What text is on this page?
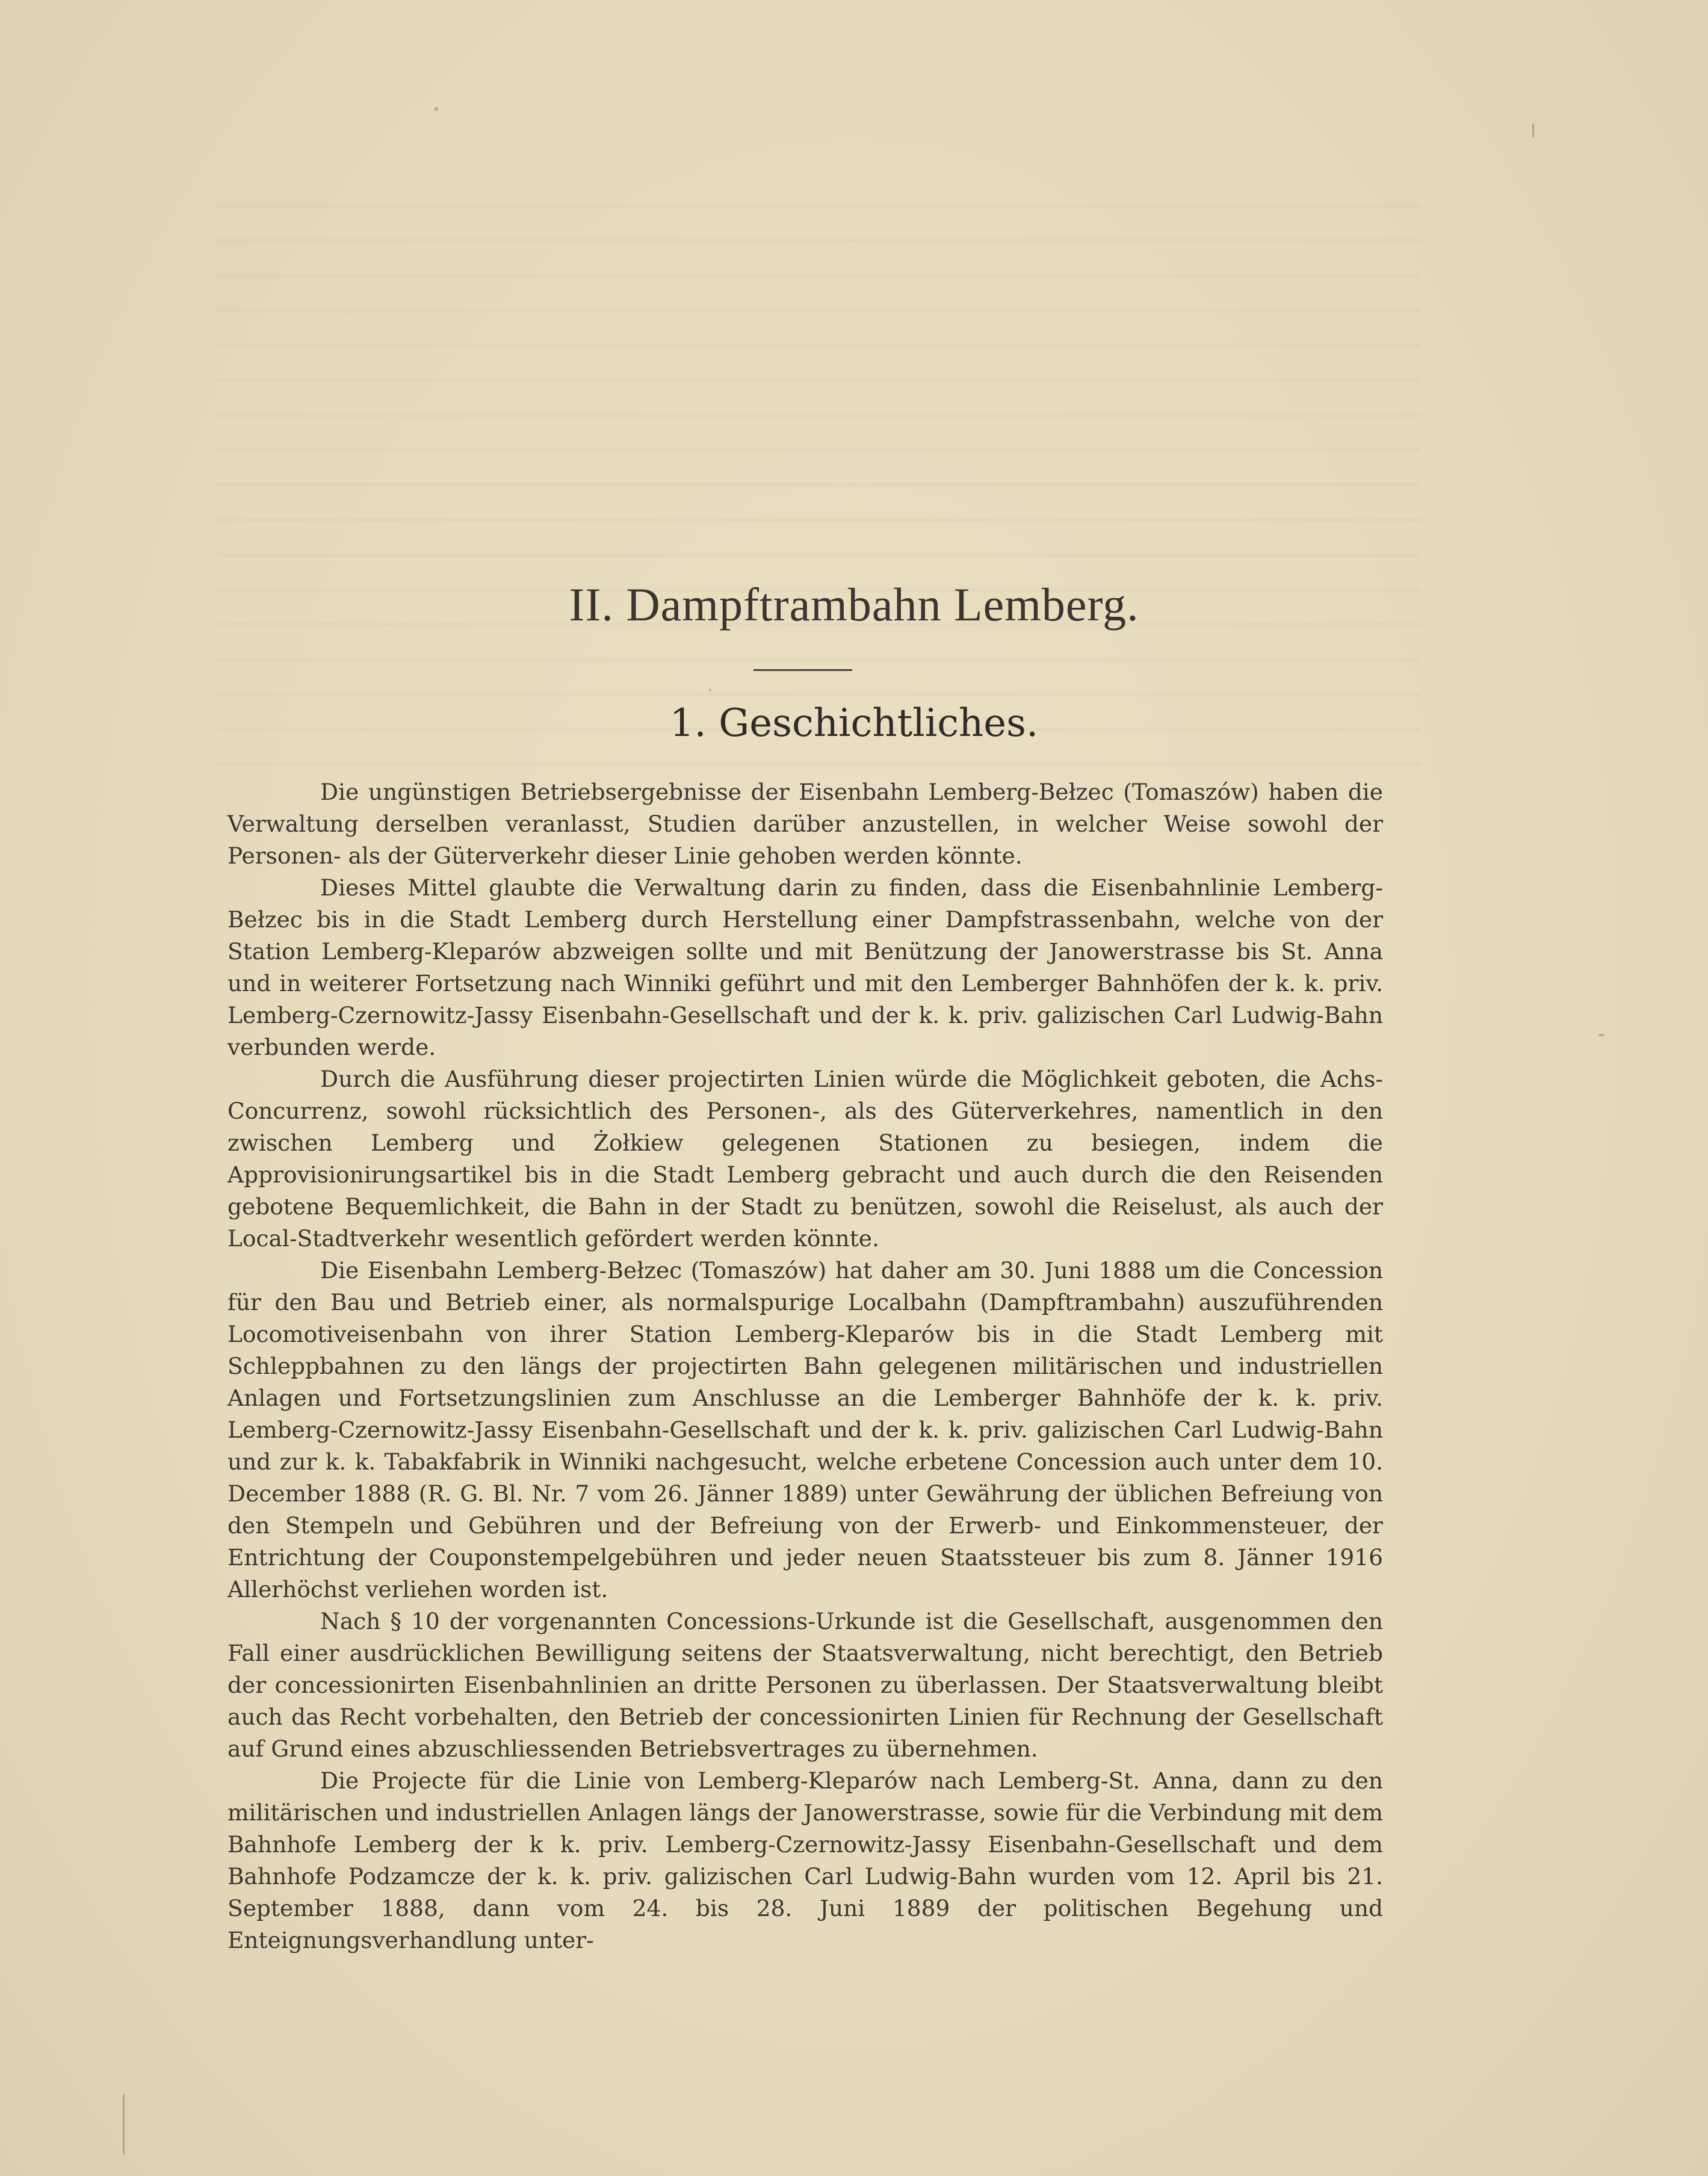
II. Dampftrambahn Lemberg.
1. Geschichtliches.

Die ungünstigen Betriebsergebnisse der Eisenbahn Lemberg-Bełzec (Tomaszów) haben die Verwaltung derselben veranlasst, Studien darüber anzustellen, in welcher Weise sowohl der Personen- als der Güterverkehr dieser Linie gehoben werden könnte.

Dieses Mittel glaubte die Verwaltung darin zu finden, dass die Eisenbahnlinie Lemberg-Bełzec bis in die Stadt Lemberg durch Herstellung einer Dampfstrassenbahn, welche von der Station Lemberg-Kleparów abzweigen sollte und mit Benützung der Janowerstrasse bis St. Anna und in weiterer Fortsetzung nach Winniki geführt und mit den Lemberger Bahnhöfen der k. k. priv. Lemberg-Czernowitz-Jassy Eisenbahn-Gesellschaft und der k. k. priv. galizischen Carl Ludwig-Bahn verbunden werde.

Durch die Ausführung dieser projectirten Linien würde die Möglichkeit geboten, die Achs-Concurrenz, sowohl rücksichtlich des Personen-, als des Güterverkehres, namentlich in den zwischen Lemberg und Żołkiew gelegenen Stationen zu besiegen, indem die Approvisionirungsartikel bis in die Stadt Lemberg gebracht und auch durch die den Reisenden gebotene Bequemlichkeit, die Bahn in der Stadt zu benützen, sowohl die Reiselust, als auch der Local-Stadtverkehr wesentlich gefördert werden könnte.

Die Eisenbahn Lemberg-Bełzec (Tomaszów) hat daher am 30. Juni 1888 um die Concession für den Bau und Betrieb einer, als normalspurige Localbahn (Dampftrambahn) auszuführenden Locomotiveisenbahn von ihrer Station Lemberg-Kleparów bis in die Stadt Lemberg mit Schleppbahnen zu den längs der projectirten Bahn gelegenen militärischen und industriellen Anlagen und Fortsetzungslinien zum Anschlusse an die Lemberger Bahnhöfe der k. k. priv. Lemberg-Czernowitz-Jassy Eisenbahn-Gesellschaft und der k. k. priv. galizischen Carl Ludwig-Bahn und zur k. k. Tabakfabrik in Winniki nachgesucht, welche erbetene Concession auch unter dem 10. December 1888 (R. G. Bl. Nr. 7 vom 26. Jänner 1889) unter Gewährung der üblichen Befreiung von den Stempeln und Gebühren und der Befreiung von der Erwerb- und Einkommensteuer, der Entrichtung der Couponstempelgebühren und jeder neuen Staatssteuer bis zum 8. Jänner 1916 Allerhöchst verliehen worden ist.

Nach § 10 der vorgenannten Concessions-Urkunde ist die Gesellschaft, ausgenommen den Fall einer ausdrücklichen Bewilligung seitens der Staatsverwaltung, nicht berechtigt, den Betrieb der concessionirten Eisenbahnlinien an dritte Personen zu überlassen. Der Staatsverwaltung bleibt auch das Recht vorbehalten, den Betrieb der concessionirten Linien für Rechnung der Gesellschaft auf Grund eines abzuschliessenden Betriebsvertrages zu übernehmen.

Die Projecte für die Linie von Lemberg-Kleparów nach Lemberg-St. Anna, dann zu den militärischen und industriellen Anlagen längs der Janowerstrasse, sowie für die Verbindung mit dem Bahnhofe Lemberg der k k. priv. Lemberg-Czernowitz-Jassy Eisenbahn-Gesellschaft und dem Bahnhofe Podzamcze der k. k. priv. galizischen Carl Ludwig-Bahn wurden vom 12. April bis 21. September 1888, dann vom 24. bis 28. Juni 1889 der politischen Begehung und Enteignungsverhandlung unter-
